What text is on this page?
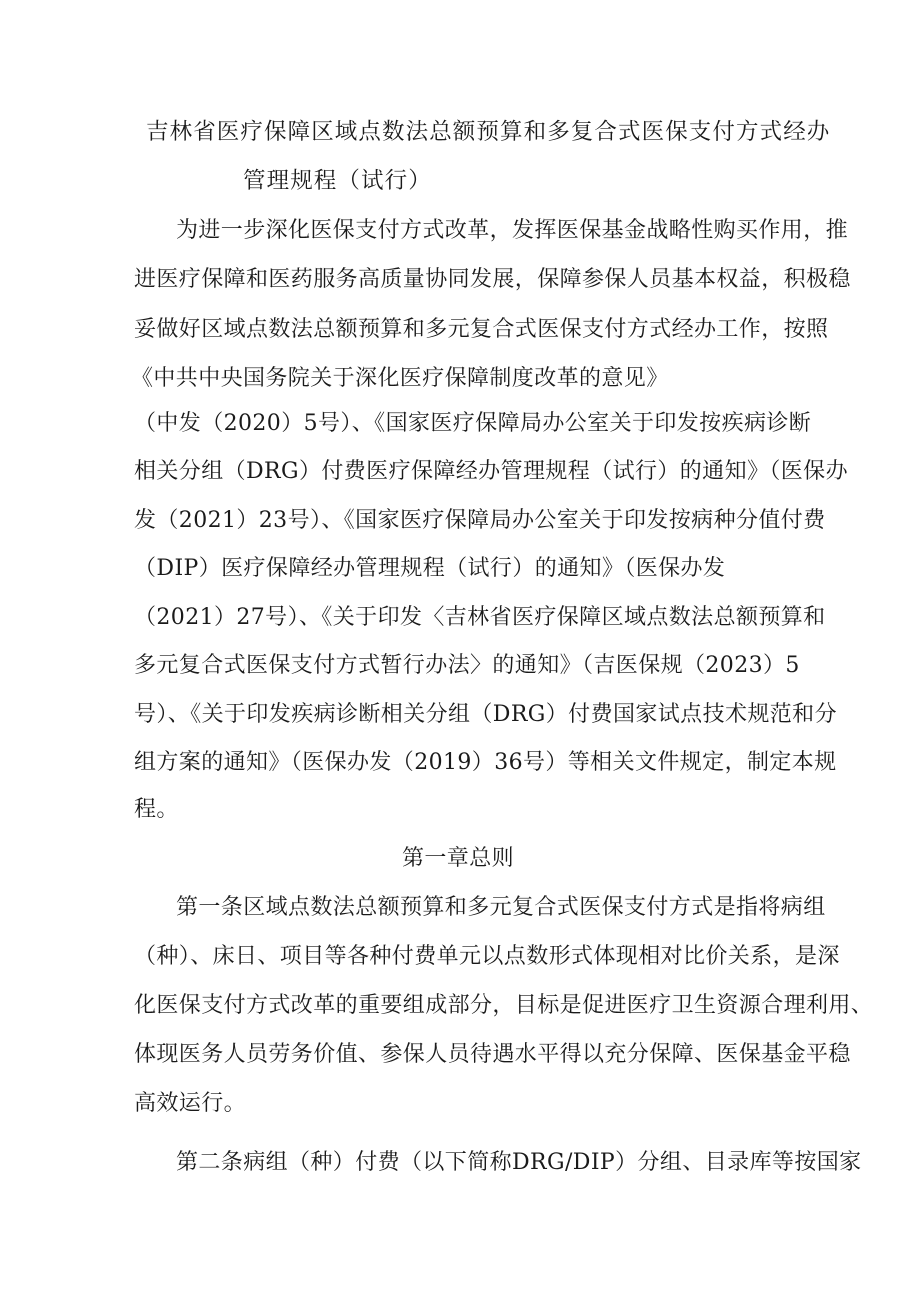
吉林省医疗保障区域点数法总额预算和多复合式医保支付方式经办
管理规程（试行）
为进一步深化医保支付方式改革，发挥医保基金战略性购买作用，推
进医疗保障和医药服务高质量协同发展，保障参保人员基本权益，积极稳
妥做好区域点数法总额预算和多元复合式医保支付方式经办工作，按照
《中共中央国务院关于深化医疗保障制度改革的意见》
（中发（2020）5号）、《国家医疗保障局办公室关于印发按疾病诊断
相关分组（DRG）付费医疗保障经办管理规程（试行）的通知》（医保办
发（2021）23号）、《国家医疗保障局办公室关于印发按病种分值付费
（DIP）医疗保障经办管理规程（试行）的通知》（医保办发
（2021）27号）、《关于印发〈吉林省医疗保障区域点数法总额预算和
多元复合式医保支付方式暂行办法〉的通知》（吉医保规（2023）5
号）、《关于印发疾病诊断相关分组（DRG）付费国家试点技术规范和分
组方案的通知》（医保办发（2019）36号）等相关文件规定，制定本规
程。
第一章总则
第一条区域点数法总额预算和多元复合式医保支付方式是指将病组
（种）、床日、项目等各种付费单元以点数形式体现相对比价关系，是深
化医保支付方式改革的重要组成部分，目标是促进医疗卫生资源合理利用、
体现医务人员劳务价值、参保人员待遇水平得以充分保障、医保基金平稳
高效运行。
第二条病组（种）付费（以下简称DRG/DIP）分组、目录库等按国家
